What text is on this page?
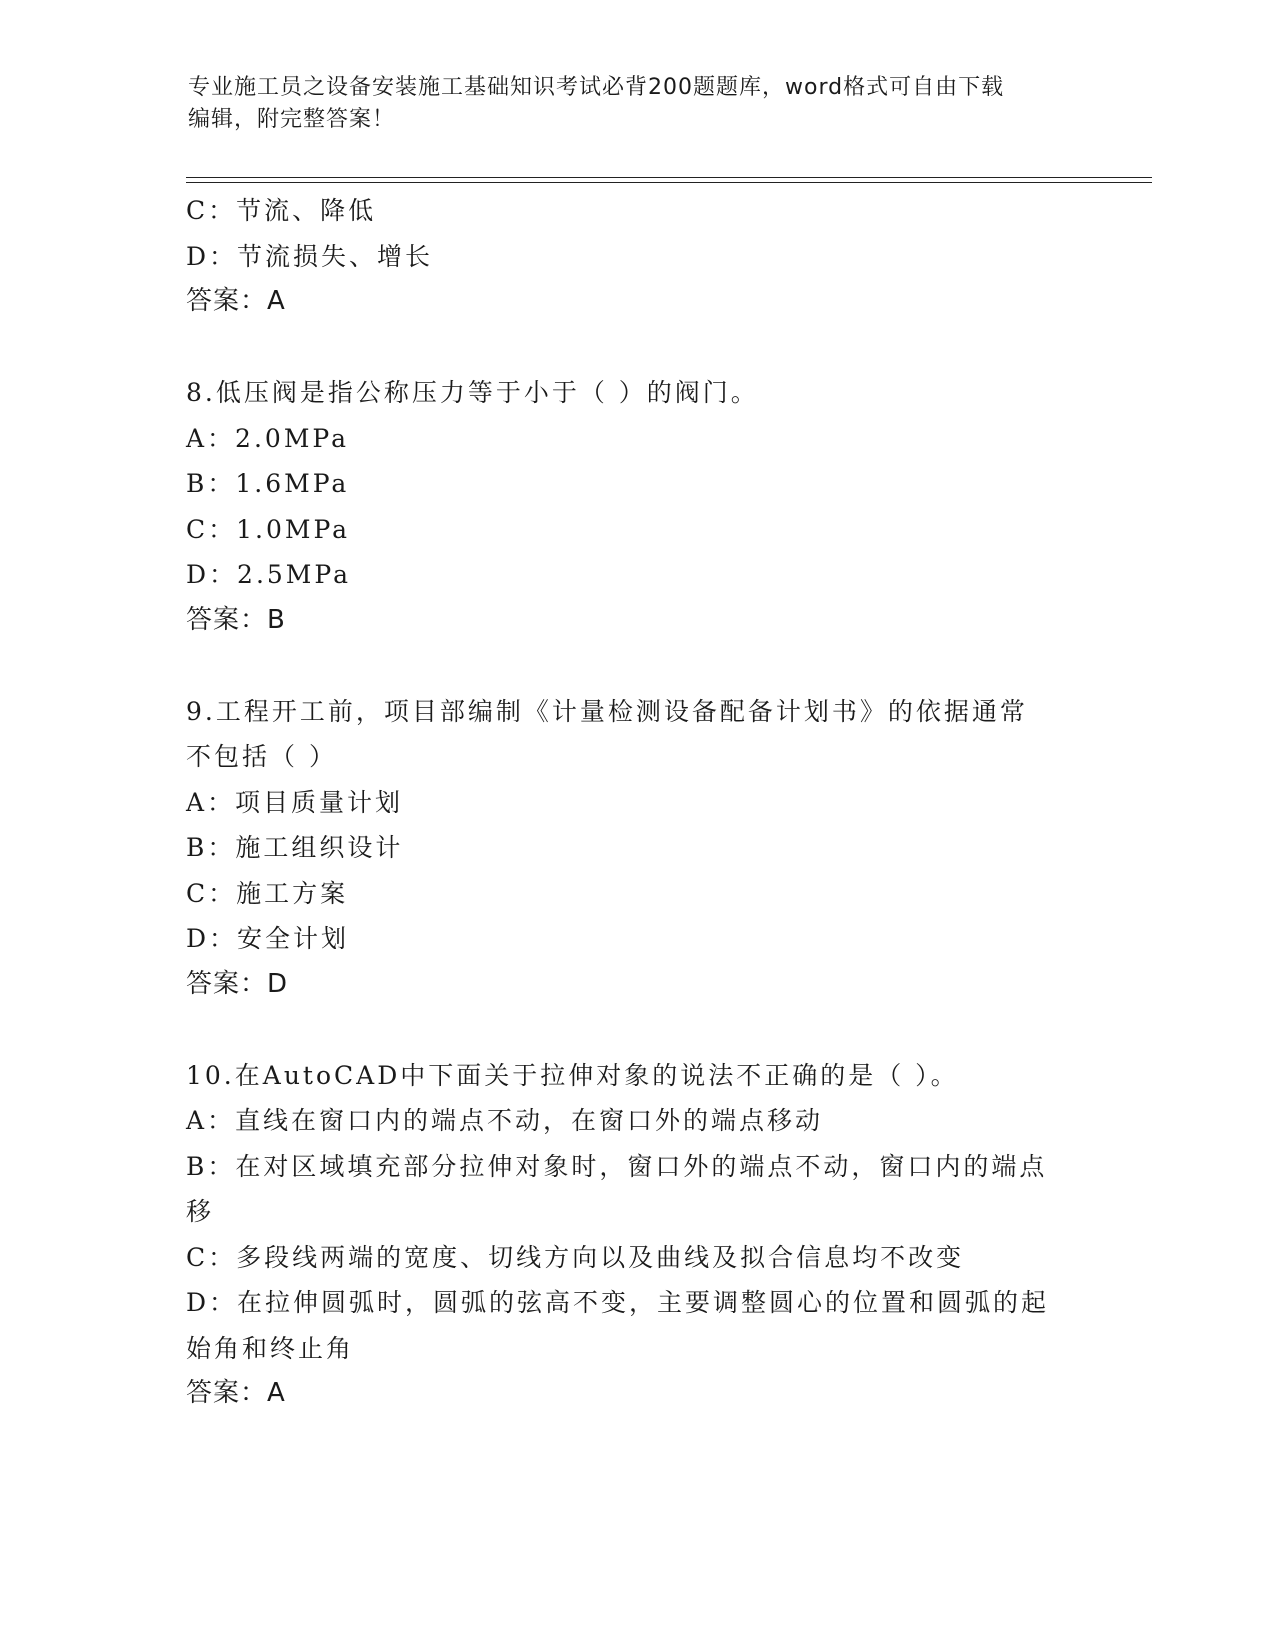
专业施工员之设备安装施工基础知识考试必背200题题库，word格式可自由下载
编辑，附完整答案！
C：节流、降低
D：节流损失、增长
答案：A
8.低压阀是指公称压力等于小于（ ）的阀门。
A：2.0MPa
B：1.6MPa
C：1.0MPa
D：2.5MPa
答案：B
9.工程开工前，项目部编制《计量检测设备配备计划书》的依据通常
不包括（ ）
A：项目质量计划
B：施工组织设计
C：施工方案
D：安全计划
答案：D
10.在AutoCAD中下面关于拉伸对象的说法不正确的是（ ）。
A：直线在窗口内的端点不动，在窗口外的端点移动
B：在对区域填充部分拉伸对象时，窗口外的端点不动，窗口内的端点
移
C：多段线两端的宽度、切线方向以及曲线及拟合信息均不改变
D：在拉伸圆弧时，圆弧的弦高不变，主要调整圆心的位置和圆弧的起
始角和终止角
答案：A
